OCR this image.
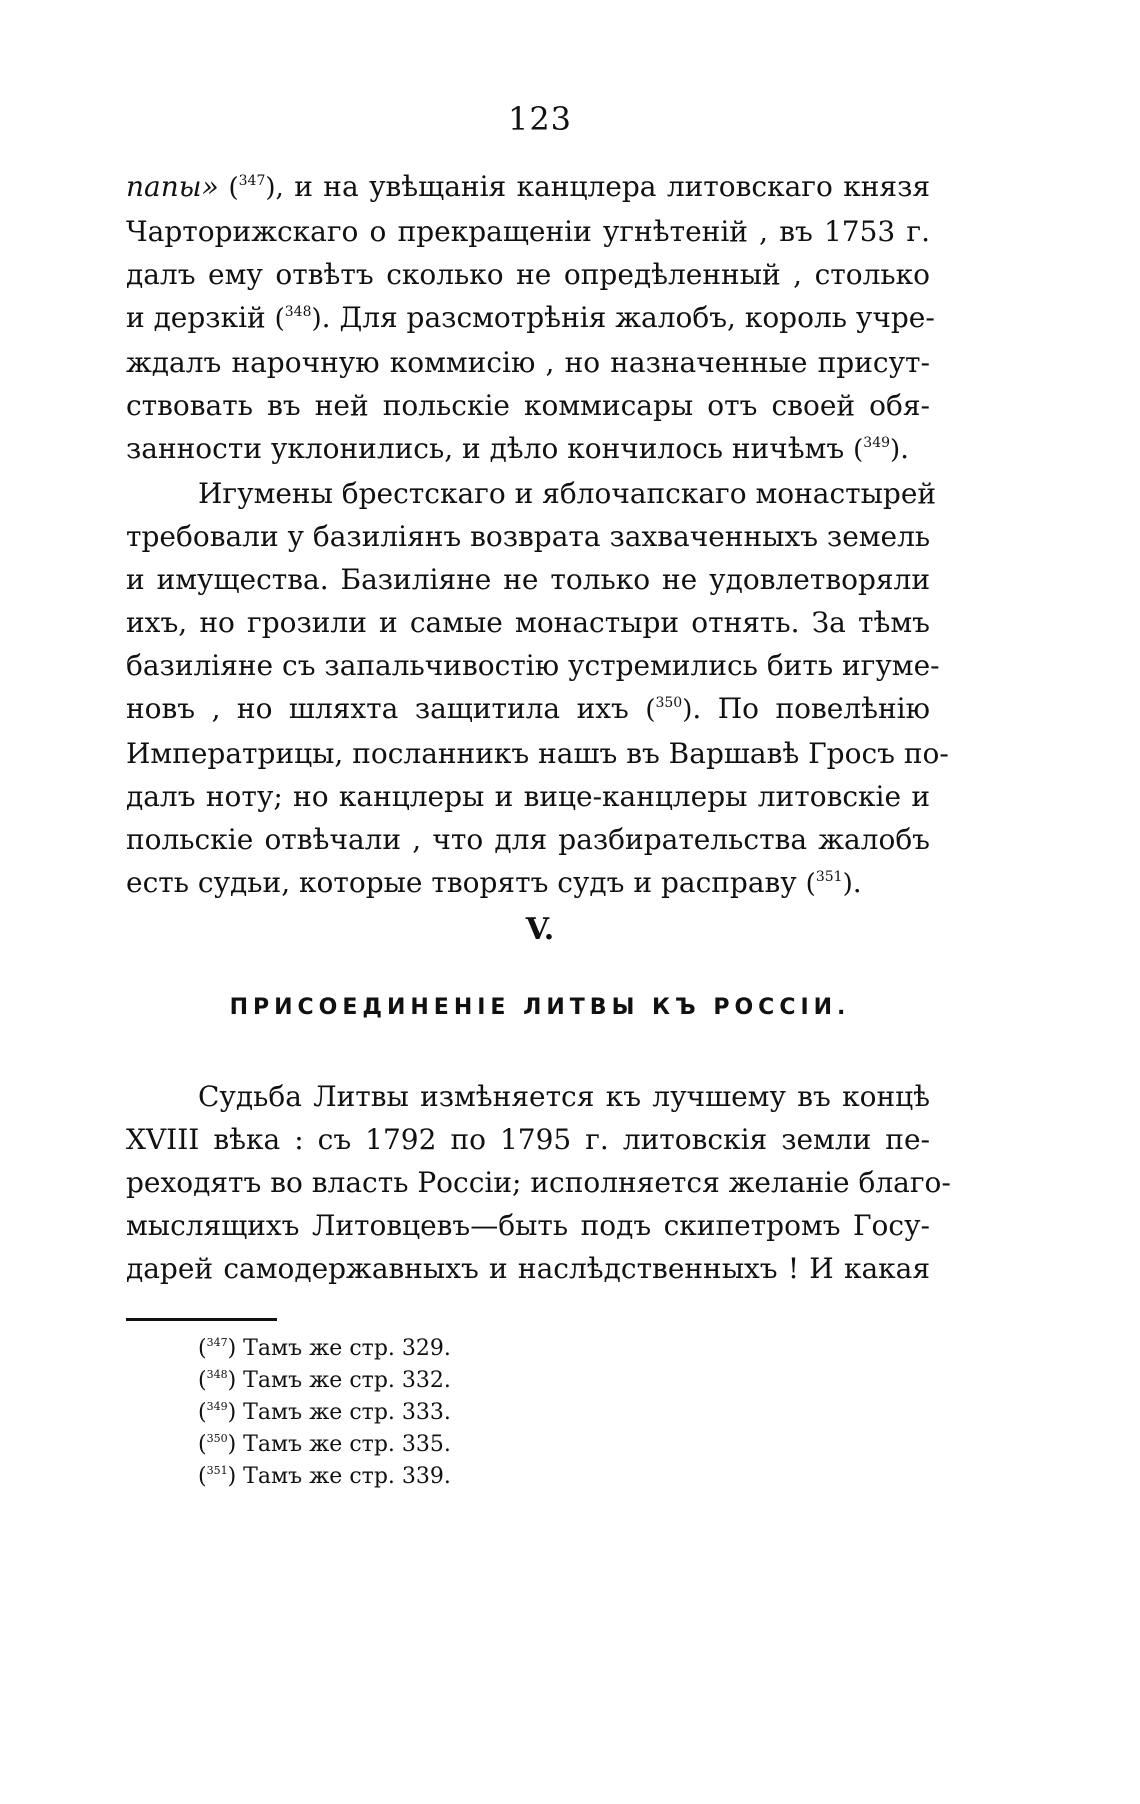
123
папы» ($^{347}$), и на увѣщанія канцлера литовскаго князя
Чарторижскаго о прекращеніи угнѣтеній , въ 1753 г.
далъ ему отвѣтъ сколько не опредѣленный , столько
и дерзкій ($^{348}$). Для разсмотрѣнія жалобъ, король учре-
ждалъ нарочную коммисію , но назначенные присут-
ствовать въ ней польскіе коммисары отъ своей обя-
занности уклонились, и дѣло кончилось ничѣмъ ($^{349}$).
Игумены брестскаго и яблочапскаго монастырей
требовали у базиліянъ возврата захваченныхъ земель
и имущества. Базиліяне не только не удовлетворяли
ихъ, но грозили и самые монастыри отнять. За тѣмъ
базиліяне съ запальчивостію устремились бить игуме-
новъ , но шляхта защитила ихъ ($^{350}$). По повелѣнію
Императрицы, посланникъ нашъ въ Варшавѣ Гросъ по-
далъ ноту; но канцлеры и вице-канцлеры литовскіе и
польскіе отвѣчали , что для разбирательства жалобъ
есть судьи, которые творятъ судъ и расправу ($^{351}$).
V.
ПРИСОЕДИНЕНІЕ ЛИТВЫ КЪ РОССІИ.
Судьба Литвы измѣняется къ лучшему въ концѣ
XVIII вѣка : съ 1792 по 1795 г. литовскія земли пе-
реходятъ во власть Россіи; исполняется желаніе благо-
мыслящихъ Литовцевъ—быть подъ скипетромъ Госу-
дарей самодержавныхъ и наслѣдственныхъ ! И какая
($^{347}$) Тамъ же стр. 329.
($^{348}$) Тамъ же стр. 332.
($^{349}$) Тамъ же стр. 333.
($^{350}$) Тамъ же стр. 335.
($^{351}$) Тамъ же стр. 339.
